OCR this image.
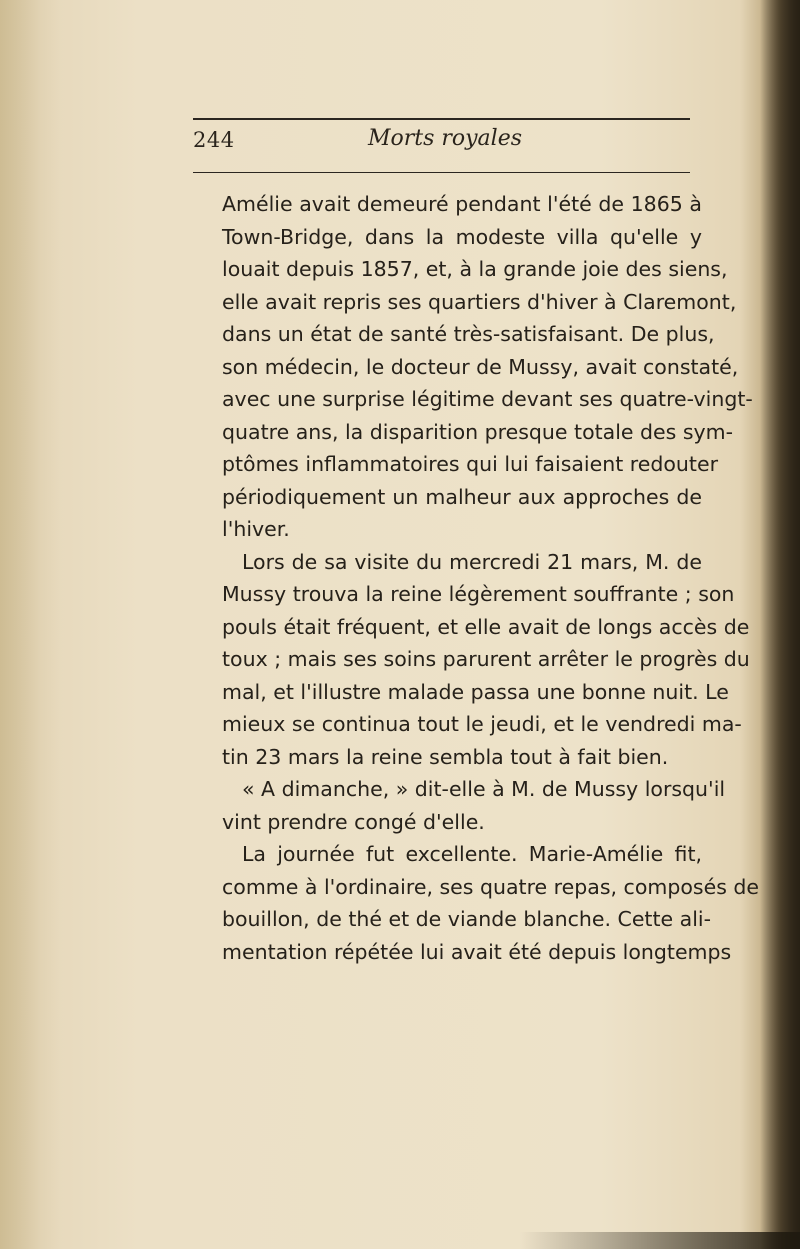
244	Morts royales
Amélie avait demeuré pendant l'été de 1865 à
Town-Bridge, dans la modeste villa qu'elle y
louait depuis 1857, et, à la grande joie des siens,
elle avait repris ses quartiers d'hiver à Claremont,
dans un état de santé très-satisfaisant. De plus,
son médecin, le docteur de Mussy, avait constaté,
avec une surprise légitime devant ses quatre-vingt-
quatre ans, la disparition presque totale des sym-
ptômes inflammatoires qui lui faisaient redouter
périodiquement un malheur aux approches de
l'hiver.
Lors de sa visite du mercredi 21 mars, M. de
Mussy trouva la reine légèrement souffrante ; son
pouls était fréquent, et elle avait de longs accès de
toux ; mais ses soins parurent arrêter le progrès du
mal, et l'illustre malade passa une bonne nuit. Le
mieux se continua tout le jeudi, et le vendredi ma-
tin 23 mars la reine sembla tout à fait bien.
« A dimanche, » dit-elle à M. de Mussy lorsqu'il
vint prendre congé d'elle.
La journée fut excellente. Marie-Amélie fit,
comme à l'ordinaire, ses quatre repas, composés de
bouillon, de thé et de viande blanche. Cette ali-
mentation répétée lui avait été depuis longtemps
